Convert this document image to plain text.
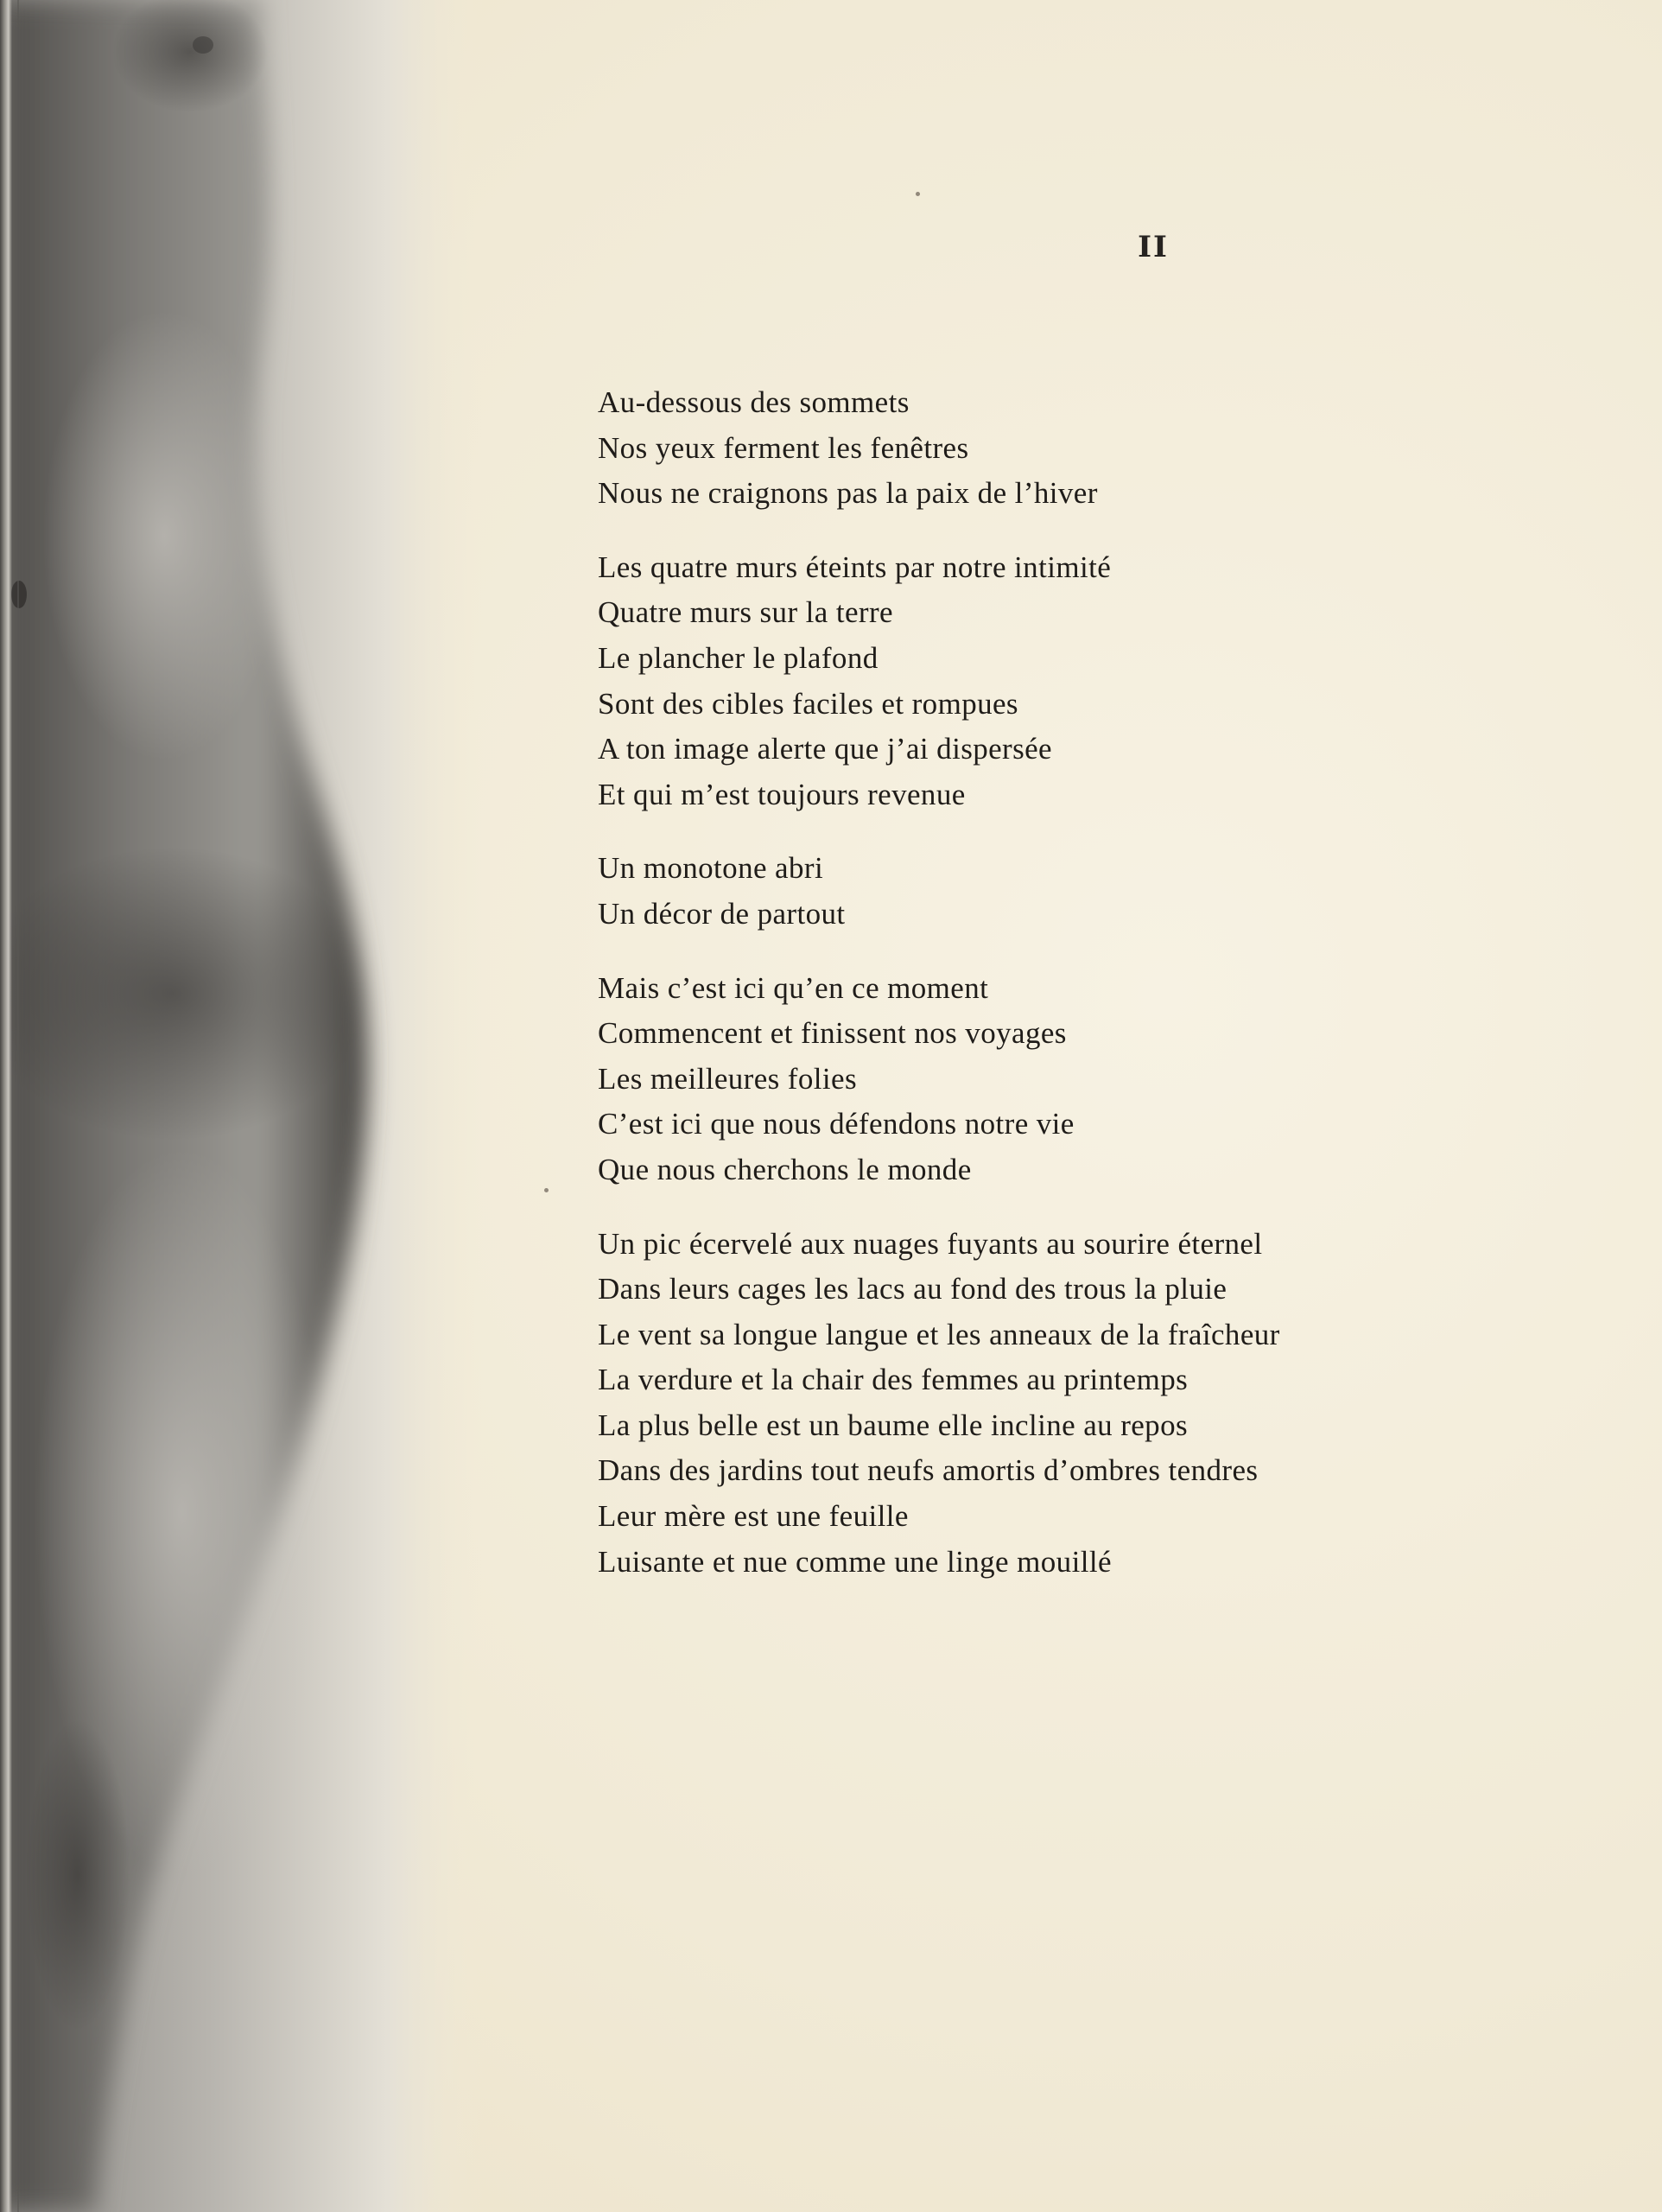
II
Au-dessous des sommets
Nos yeux ferment les fenêtres
Nous ne craignons pas la paix de l’hiver
Les quatre murs éteints par notre intimité
Quatre murs sur la terre
Le plancher le plafond
Sont des cibles faciles et rompues
A ton image alerte que j’ai dispersée
Et qui m’est toujours revenue
Un monotone abri
Un décor de partout
Mais c’est ici qu’en ce moment
Commencent et finissent nos voyages
Les meilleures folies
C’est ici que nous défendons notre vie
Que nous cherchons le monde
Un pic écervelé aux nuages fuyants au sourire éternel
Dans leurs cages les lacs au fond des trous la pluie
Le vent sa longue langue et les anneaux de la fraîcheur
La verdure et la chair des femmes au printemps
La plus belle est un baume elle incline au repos
Dans des jardins tout neufs amortis d’ombres tendres
Leur mère est une feuille
Luisante et nue comme une linge mouillé
